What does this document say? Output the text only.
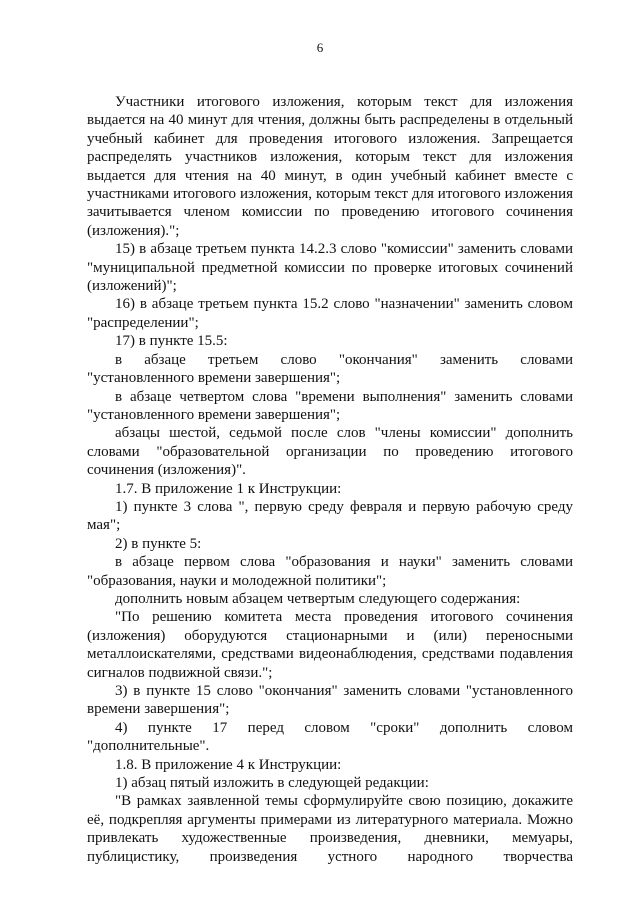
6

Участники итогового изложения, которым текст для изложения выдается на 40 минут для чтения, должны быть распределены в отдельный учебный кабинет для проведения итогового изложения. Запрещается распределять участников изложения, которым текст для изложения выдается для чтения на 40 минут, в один учебный кабинет вместе с участниками итогового изложения, которым текст для итогового изложения зачитывается членом комиссии по проведению итогового сочинения (изложения).";

15) в абзаце третьем пункта 14.2.3 слово "комиссии" заменить словами "муниципальной предметной комиссии по проверке итоговых сочинений (изложений)";

16) в абзаце третьем пункта 15.2 слово "назначении" заменить словом "распределении";

17) в пункте 15.5:

в абзаце третьем слово "окончания" заменить словами "установленного времени завершения";

в абзаце четвертом слова "времени выполнения" заменить словами "установленного времени завершения";

абзацы шестой, седьмой после слов "члены комиссии" дополнить словами "образовательной организации по проведению итогового сочинения (изложения)".

1.7. В приложение 1 к Инструкции:

1) пункте 3 слова ", первую среду февраля и первую рабочую среду мая";

2) в пункте 5:

в абзаце первом слова "образования и науки" заменить словами "образования, науки и молодежной политики";

дополнить новым абзацем четвертым следующего содержания:

"По решению комитета места проведения итогового сочинения (изложения) оборудуются стационарными и (или) переносными металлоискателями, средствами видеонаблюдения, средствами подавления сигналов подвижной связи.";

3) в пункте 15 слово "окончания" заменить словами "установленного времени завершения";

4) пункте 17 перед словом "сроки" дополнить словом "дополнительные".

1.8. В приложение 4 к Инструкции:

1) абзац пятый изложить в следующей редакции:

"В рамках заявленной темы сформулируйте свою позицию, докажите её, подкрепляя аргументы примерами из литературного материала. Можно привлекать художественные произведения, дневники, мемуары, публицистику, произведения устного народного творчества
